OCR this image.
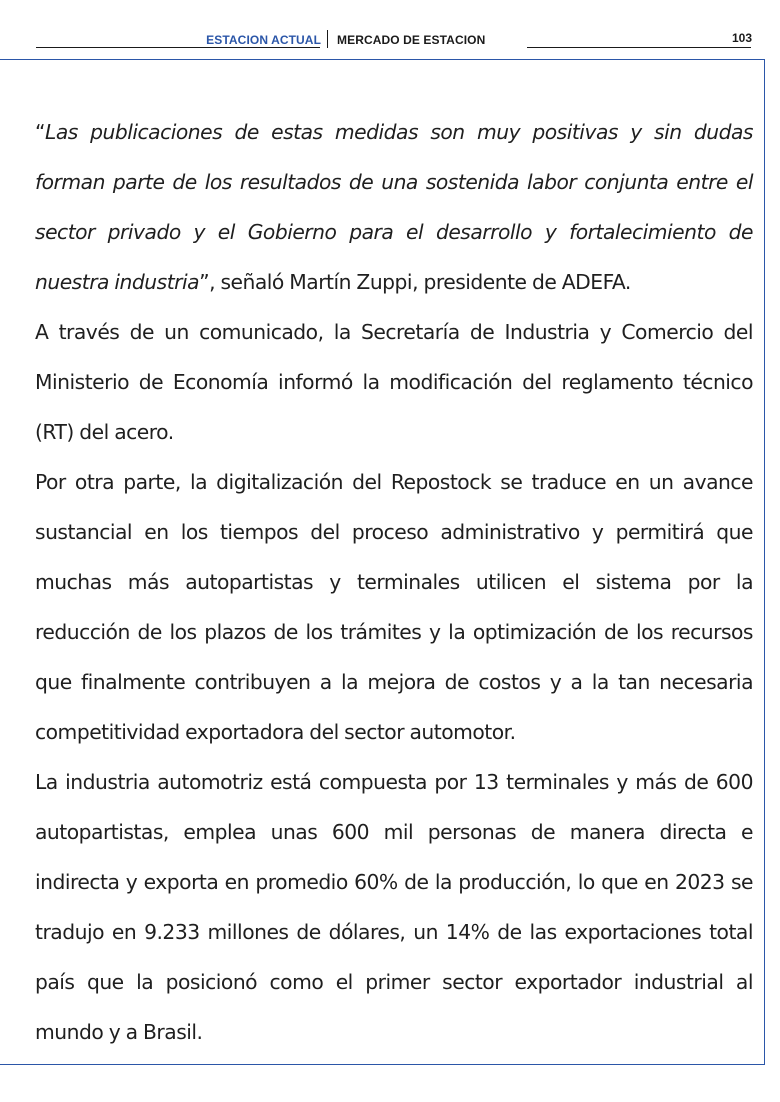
ESTACION ACTUAL MERCADO DE ESTACION	103

“Las publicaciones de estas medidas son muy positivas y sin dudas forman parte de los resultados de una sostenida labor conjunta entre el sector privado y el Gobierno para el desarrollo y fortalecimiento de nuestra industria”, señaló Martín Zuppi, presidente de ADEFA.

A través de un comunicado, la Secretaría de Industria y Comercio del Ministerio de Economía informó la modificación del reglamento técnico (RT) del acero.

Por otra parte, la digitalización del Repostock se traduce en un avance sustancial en los tiempos del proceso administrativo y permitirá que muchas más autopartistas y terminales utilicen el sistema por la reducción de los plazos de los trámites y la optimización de los recursos que finalmente contribuyen a la mejora de costos y a la tan necesaria competitividad exportadora del sector automotor.

La industria automotriz está compuesta por 13 terminales y más de 600 autopartistas, emplea unas 600 mil personas de manera directa e indirecta y exporta en promedio 60% de la producción, lo que en 2023 se tradujo en 9.233 millones de dólares, un 14% de las exportaciones total país que la posicionó como el primer sector exportador industrial al mundo y a Brasil.
